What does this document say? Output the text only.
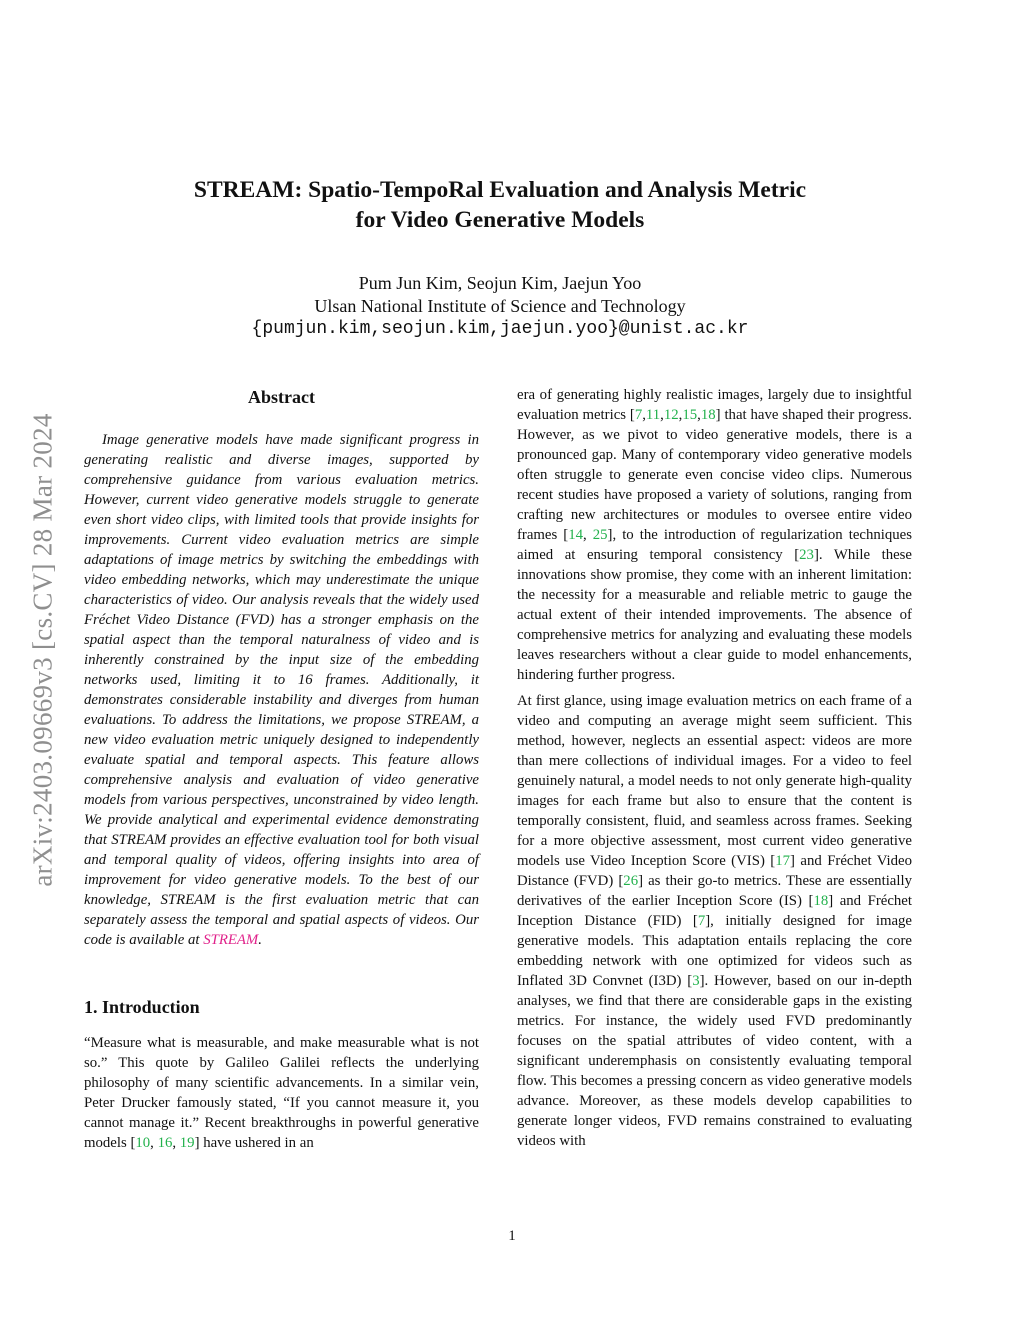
arXiv:2403.09669v3 [cs.CV] 28 Mar 2024
STREAM: Spatio-TempoRal Evaluation and Analysis Metric
for Video Generative Models
Pum Jun Kim, Seojun Kim, Jaejun Yoo
Ulsan National Institute of Science and Technology
{pumjun.kim,seojun.kim,jaejun.yoo}@unist.ac.kr
Abstract

Image generative models have made significant progress in generating realistic and diverse images, supported by comprehensive guidance from various evaluation metrics. However, current video generative models struggle to generate even short video clips, with limited tools that provide insights for improvements. Current video evaluation metrics are simple adaptations of image metrics by switching the embeddings with video embedding networks, which may underestimate the unique characteristics of video. Our analysis reveals that the widely used Fréchet Video Distance (FVD) has a stronger emphasis on the spatial aspect than the temporal naturalness of video and is inherently constrained by the input size of the embedding networks used, limiting it to 16 frames. Additionally, it demonstrates considerable instability and diverges from human evaluations. To address the limitations, we propose STREAM, a new video evaluation metric uniquely designed to independently evaluate spatial and temporal aspects. This feature allows comprehensive analysis and evaluation of video generative models from various perspectives, unconstrained by video length. We provide analytical and experimental evidence demonstrating that STREAM provides an effective evaluation tool for both visual and temporal quality of videos, offering insights into area of improvement for video generative models. To the best of our knowledge, STREAM is the first evaluation metric that can separately assess the temporal and spatial aspects of videos. Our code is available at STREAM.

1. Introduction

“Measure what is measurable, and make measurable what is not so.” This quote by Galileo Galilei reflects the underlying philosophy of many scientific advancements. In a similar vein, Peter Drucker famously stated, “If you cannot measure it, you cannot manage it.” Recent breakthroughs in powerful generative models [10, 16, 19] have ushered in an

era of generating highly realistic images, largely due to insightful evaluation metrics [7,11,12,15,18] that have shaped their progress. However, as we pivot to video generative models, there is a pronounced gap. Many of contemporary video generative models often struggle to generate even concise video clips. Numerous recent studies have proposed a variety of solutions, ranging from crafting new architectures or modules to oversee entire video frames [14, 25], to the introduction of regularization techniques aimed at ensuring temporal consistency [23]. While these innovations show promise, they come with an inherent limitation: the necessity for a measurable and reliable metric to gauge the actual extent of their intended improvements. The absence of comprehensive metrics for analyzing and evaluating these models leaves researchers without a clear guide to model enhancements, hindering further progress.

At first glance, using image evaluation metrics on each frame of a video and computing an average might seem sufficient. This method, however, neglects an essential aspect: videos are more than mere collections of individual images. For a video to feel genuinely natural, a model needs to not only generate high-quality images for each frame but also to ensure that the content is temporally consistent, fluid, and seamless across frames. Seeking for a more objective assessment, most current video generative models use Video Inception Score (VIS) [17] and Fréchet Video Distance (FVD) [26] as their go-to metrics. These are essentially derivatives of the earlier Inception Score (IS) [18] and Fréchet Inception Distance (FID) [7], initially designed for image generative models. This adaptation entails replacing the core embedding network with one optimized for videos such as Inflated 3D Convnet (I3D) [3]. However, based on our in-depth analyses, we find that there are considerable gaps in the existing metrics. For instance, the widely used FVD predominantly focuses on the spatial attributes of video content, with a significant underemphasis on consistently evaluating temporal flow. This becomes a pressing concern as video generative models advance. Moreover, as these models develop capabilities to generate longer videos, FVD remains constrained to evaluating videos with

1
